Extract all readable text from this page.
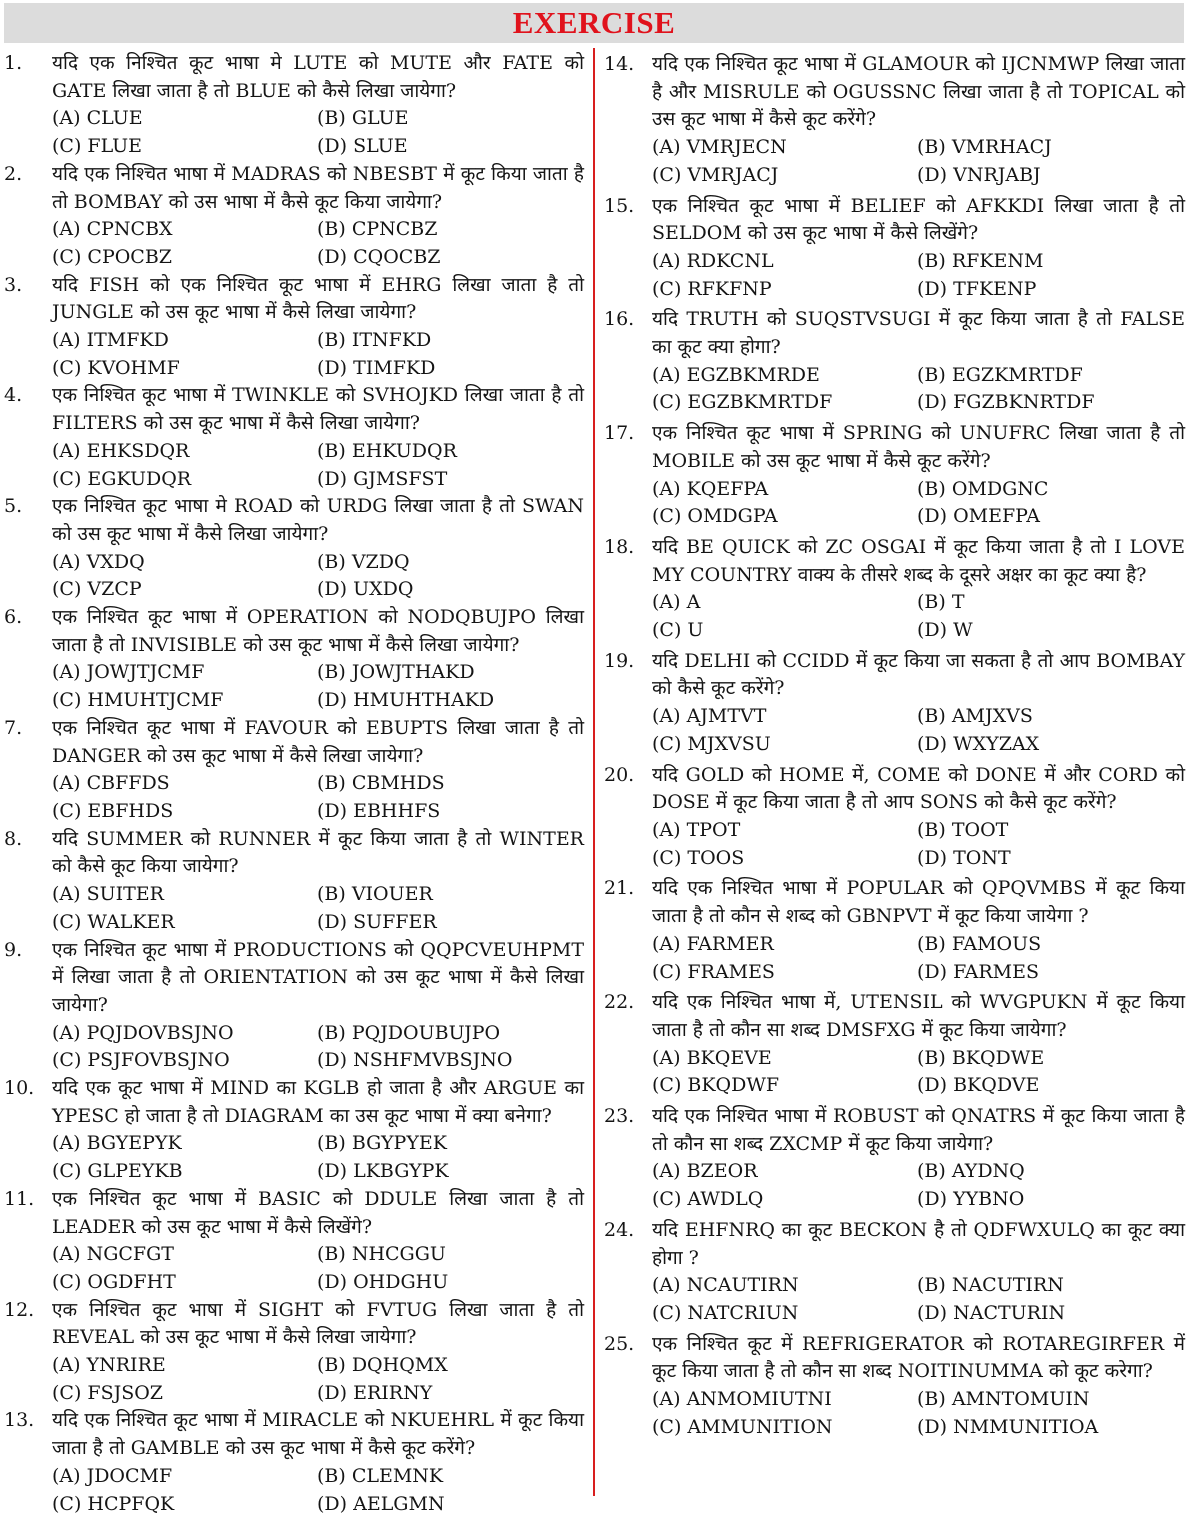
EXERCISE
1. यदि एक निश्चित कूट भाषा मे LUTE को MUTE और FATE को GATE लिखा जाता है तो BLUE को कैसे लिखा जायेगा?
(A) CLUE	(B) GLUE
(C) FLUE	(D) SLUE
2. यदि एक निश्चित भाषा में MADRAS को NBESBT में कूट किया जाता है तो BOMBAY को उस भाषा में कैसे कूट किया जायेगा?
(A) CPNCBX	(B) CPNCBZ
(C) CPOCBZ	(D) CQOCBZ
3. यदि FISH को एक निश्चित कूट भाषा में EHRG लिखा जाता है तो JUNGLE को उस कूट भाषा में कैसे लिखा जायेगा?
(A) ITMFKD	(B) ITNFKD
(C) KVOHMF	(D) TIMFKD
4. एक निश्चित कूट भाषा में TWINKLE को SVHOJKD लिखा जाता है तो FILTERS को उस कूट भाषा में कैसे लिखा जायेगा?
(A) EHKSDQR	(B) EHKUDQR
(C) EGKUDQR	(D) GJMSFST
5. एक निश्चित कूट भाषा मे ROAD को URDG लिखा जाता है तो SWAN को उस कूट भाषा में कैसे लिखा जायेगा?
(A) VXDQ	(B) VZDQ
(C) VZCP	(D) UXDQ
6. एक निश्चित कूट भाषा में OPERATION को NODQBUJPO लिखा जाता है तो INVISIBLE को उस कूट भाषा में कैसे लिखा जायेगा?
(A) JOWJTJCMF	(B) JOWJTHAKD
(C) HMUHTJCMF	(D) HMUHTHAKD
7. एक निश्चित कूट भाषा में FAVOUR को EBUPTS लिखा जाता है तो DANGER को उस कूट भाषा में कैसे लिखा जायेगा?
(A) CBFFDS	(B) CBMHDS
(C) EBFHDS	(D) EBHHFS
8. यदि SUMMER को RUNNER में कूट किया जाता है तो WINTER को कैसे कूट किया जायेगा?
(A) SUITER	(B) VIOUER
(C) WALKER	(D) SUFFER
9. एक निश्चित कूट भाषा में PRODUCTIONS को QQPCVEUHPMT में लिखा जाता है तो ORIENTATION को उस कूट भाषा में कैसे लिखा जायेगा?
(A) PQJDOVBSJNO	(B) PQJDOUBUJPO
(C) PSJFOVBSJNO	(D) NSHFMVBSJNO
10. यदि एक कूट भाषा में MIND का KGLB हो जाता है और ARGUE का YPESC हो जाता है तो DIAGRAM का उस कूट भाषा में क्या बनेगा?
(A) BGYEPYK	(B) BGYPYEK
(C) GLPEYKB	(D) LKBGYPK
11. एक निश्चित कूट भाषा में BASIC को DDULE लिखा जाता है तो LEADER को उस कूट भाषा में कैसे लिखेंगे?
(A) NGCFGT	(B) NHCGGU
(C) OGDFHT	(D) OHDGHU
12. एक निश्चित कूट भाषा में SIGHT को FVTUG लिखा जाता है तो REVEAL को उस कूट भाषा में कैसे लिखा जायेगा?
(A) YNRIRE	(B) DQHQMX
(C) FSJSOZ	(D) ERIRNY
13. यदि एक निश्चित कूट भाषा में MIRACLE को NKUEHRL में कूट किया जाता है तो GAMBLE को उस कूट भाषा में कैसे कूट करेंगे?
(A) JDOCMF	(B) CLEMNK
(C) HCPFQK	(D) AELGMN
14. यदि एक निश्चित कूट भाषा में GLAMOUR को IJCNMWP लिखा जाता है और MISRULE को OGUSSNC लिखा जाता है तो TOPICAL को उस कूट भाषा में कैसे कूट करेंगे?
(A) VMRJECN	(B) VMRHACJ
(C) VMRJACJ	(D) VNRJABJ
15. एक निश्चित कूट भाषा में BELIEF को AFKKDI लिखा जाता है तो SELDOM को उस कूट भाषा में कैसे लिखेंगे?
(A) RDKCNL	(B) RFKENM
(C) RFKFNP	(D) TFKENP
16. यदि TRUTH को SUQSTVSUGI में कूट किया जाता है तो FALSE का कूट क्या होगा?
(A) EGZBKMRDE	(B) EGZKMRTDF
(C) EGZBKMRTDF	(D) FGZBKNRTDF
17. एक निश्चित कूट भाषा में SPRING को UNUFRC लिखा जाता है तो MOBILE को उस कूट भाषा में कैसे कूट करेंगे?
(A) KQEFPA	(B) OMDGNC
(C) OMDGPA	(D) OMEFPA
18. यदि BE QUICK को ZC OSGAI में कूट किया जाता है तो I LOVE MY COUNTRY वाक्य के तीसरे शब्द के दूसरे अक्षर का कूट क्या है?
(A) A	(B) T
(C) U	(D) W
19. यदि DELHI को CCIDD में कूट किया जा सकता है तो आप BOMBAY को कैसे कूट करेंगे?
(A) AJMTVT	(B) AMJXVS
(C) MJXVSU	(D) WXYZAX
20. यदि GOLD को HOME में, COME को DONE में और CORD को DOSE में कूट किया जाता है तो आप SONS को कैसे कूट करेंगे?
(A) TPOT	(B) TOOT
(C) TOOS	(D) TONT
21. यदि एक निश्चित भाषा में POPULAR को QPQVMBS में कूट किया जाता है तो कौन से शब्द को GBNPVT में कूट किया जायेगा ?
(A) FARMER	(B) FAMOUS
(C) FRAMES	(D) FARMES
22. यदि एक निश्चित भाषा में, UTENSIL को WVGPUKN में कूट किया जाता है तो कौन सा शब्द DMSFXG में कूट किया जायेगा?
(A) BKQEVE	(B) BKQDWE
(C) BKQDWF	(D) BKQDVE
23. यदि एक निश्चित भाषा में ROBUST को QNATRS में कूट किया जाता है तो कौन सा शब्द ZXCMP में कूट किया जायेगा?
(A) BZEOR	(B) AYDNQ
(C) AWDLQ	(D) YYBNO
24. यदि EHFNRQ का कूट BECKON है तो QDFWXULQ का कूट क्या होगा ?
(A) NCAUTIRN	(B) NACUTIRN
(C) NATCRIUN	(D) NACTURIN
25. एक निश्चित कूट में REFRIGERATOR को ROTAREGIRFER में कूट किया जाता है तो कौन सा शब्द NOITINUMMA को कूट करेगा?
(A) ANMOMIUTNI	(B) AMNTOMUIN
(C) AMMUNITION	(D) NMMUNITIOA
